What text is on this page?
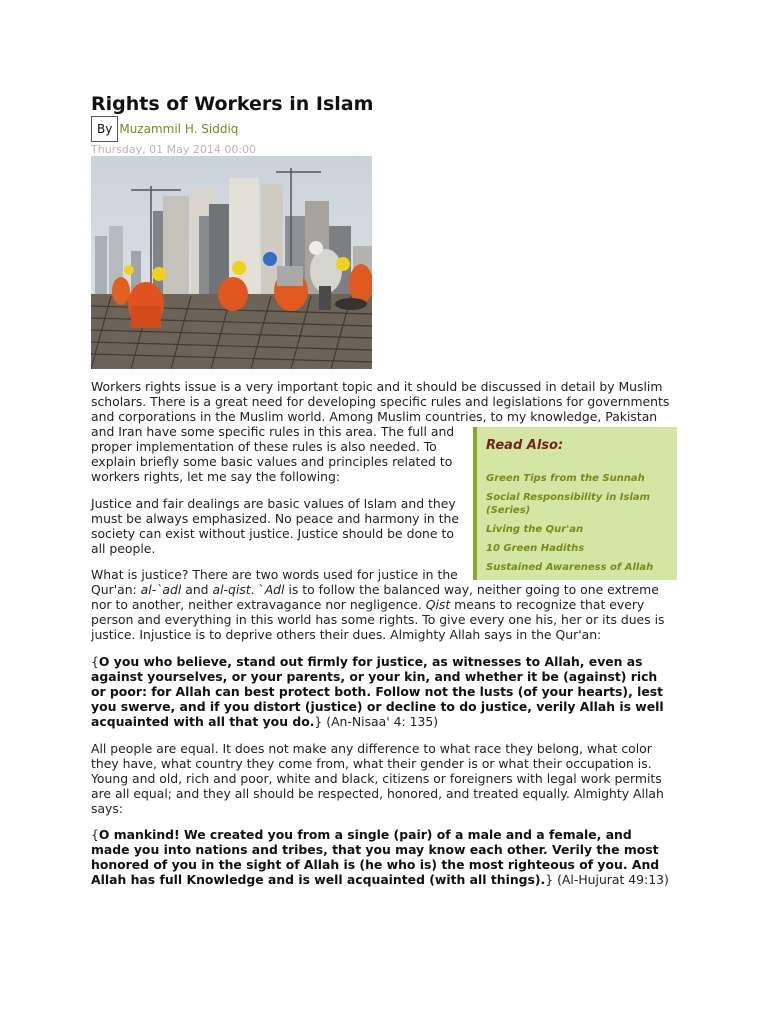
Rights of Workers in Islam
By Muzammil H. Siddiq
Thursday, 01 May 2014 00:00

Workers rights issue is a very important topic and it should be discussed in detail by Muslim

scholars. There is a great need for developing specific rules and legislations for governments

and corporations in the Muslim world. Among Muslim countries, to my knowledge, Pakistan

and Iran have some specific rules in this area. The full and

proper implementation of these rules is also needed. To

explain briefly some basic values and principles related to

workers rights, let me say the following:

Justice and fair dealings are basic values of Islam and they

must be always emphasized. No peace and harmony in the

society can exist without justice. Justice should be done to

all people.

What is justice? There are two words used for justice in the

Qur'an: al-`adl and al-qist. `Adl is to follow the balanced way, neither going to one extreme

nor to another, neither extravagance nor negligence. Qist means to recognize that every

person and everything in this world has some rights. To give every one his, her or its dues is

justice. Injustice is to deprive others their dues. Almighty Allah says in the Qur'an:

{O you who believe, stand out firmly for justice, as witnesses to Allah, even as

against yourselves, or your parents, or your kin, and whether it be (against) rich

or poor: for Allah can best protect both. Follow not the lusts (of your hearts), lest

you swerve, and if you distort (justice) or decline to do justice, verily Allah is well

acquainted with all that you do.} (An-Nisaa' 4: 135)

All people are equal. It does not make any difference to what race they belong, what color

they have, what country they come from, what their gender is or what their occupation is.

Young and old, rich and poor, white and black, citizens or foreigners with legal work permits

are all equal; and they all should be respected, honored, and treated equally. Almighty Allah

says:

{O mankind! We created you from a single (pair) of a male and a female, and

made you into nations and tribes, that you may know each other. Verily the most

honored of you in the sight of Allah is (he who is) the most righteous of you. And

Allah has full Knowledge and is well acquainted (with all things).} (Al-Hujurat 49:13)

Read Also:
Green Tips from the Sunnah
Social Responsibility in Islam (Series)
Living the Qur'an
10 Green Hadiths
Sustained Awareness of Allah
